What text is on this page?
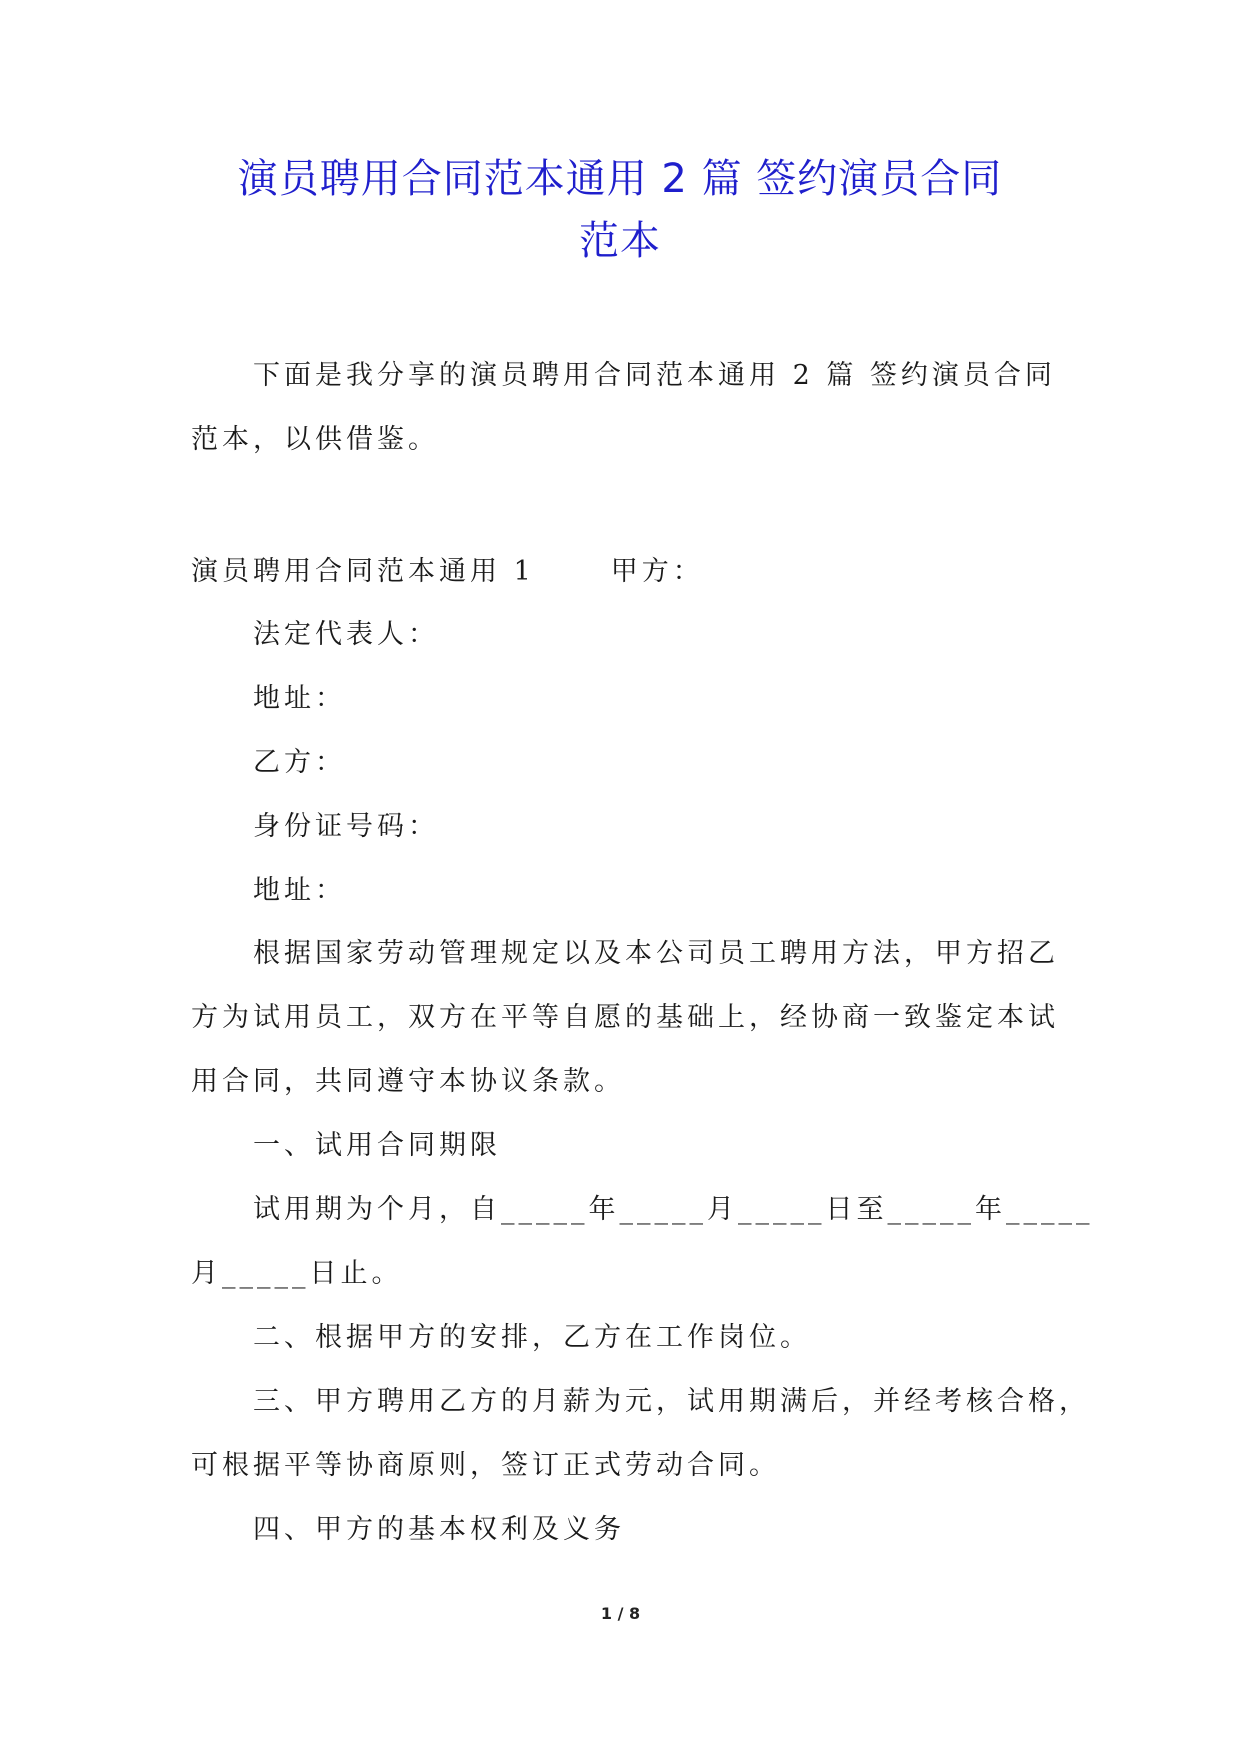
演员聘用合同范本通用 2 篇 签约演员合同
范本
下面是我分享的演员聘用合同范本通用 2 篇 签约演员合同
范本，以供借鉴。
演员聘用合同范本通用 1	甲方：
法定代表人：
地址：
乙方：
身份证号码：
地址：
根据国家劳动管理规定以及本公司员工聘用方法，甲方招乙
方为试用员工，双方在平等自愿的基础上，经协商一致鉴定本试
用合同，共同遵守本协议条款。
一、试用合同期限
试用期为个月，自_____年_____月_____日至_____年_____
月_____日止。
二、根据甲方的安排，乙方在工作岗位。
三、甲方聘用乙方的月薪为元，试用期满后，并经考核合格，
可根据平等协商原则，签订正式劳动合同。
四、甲方的基本权利及义务
1 / 8
